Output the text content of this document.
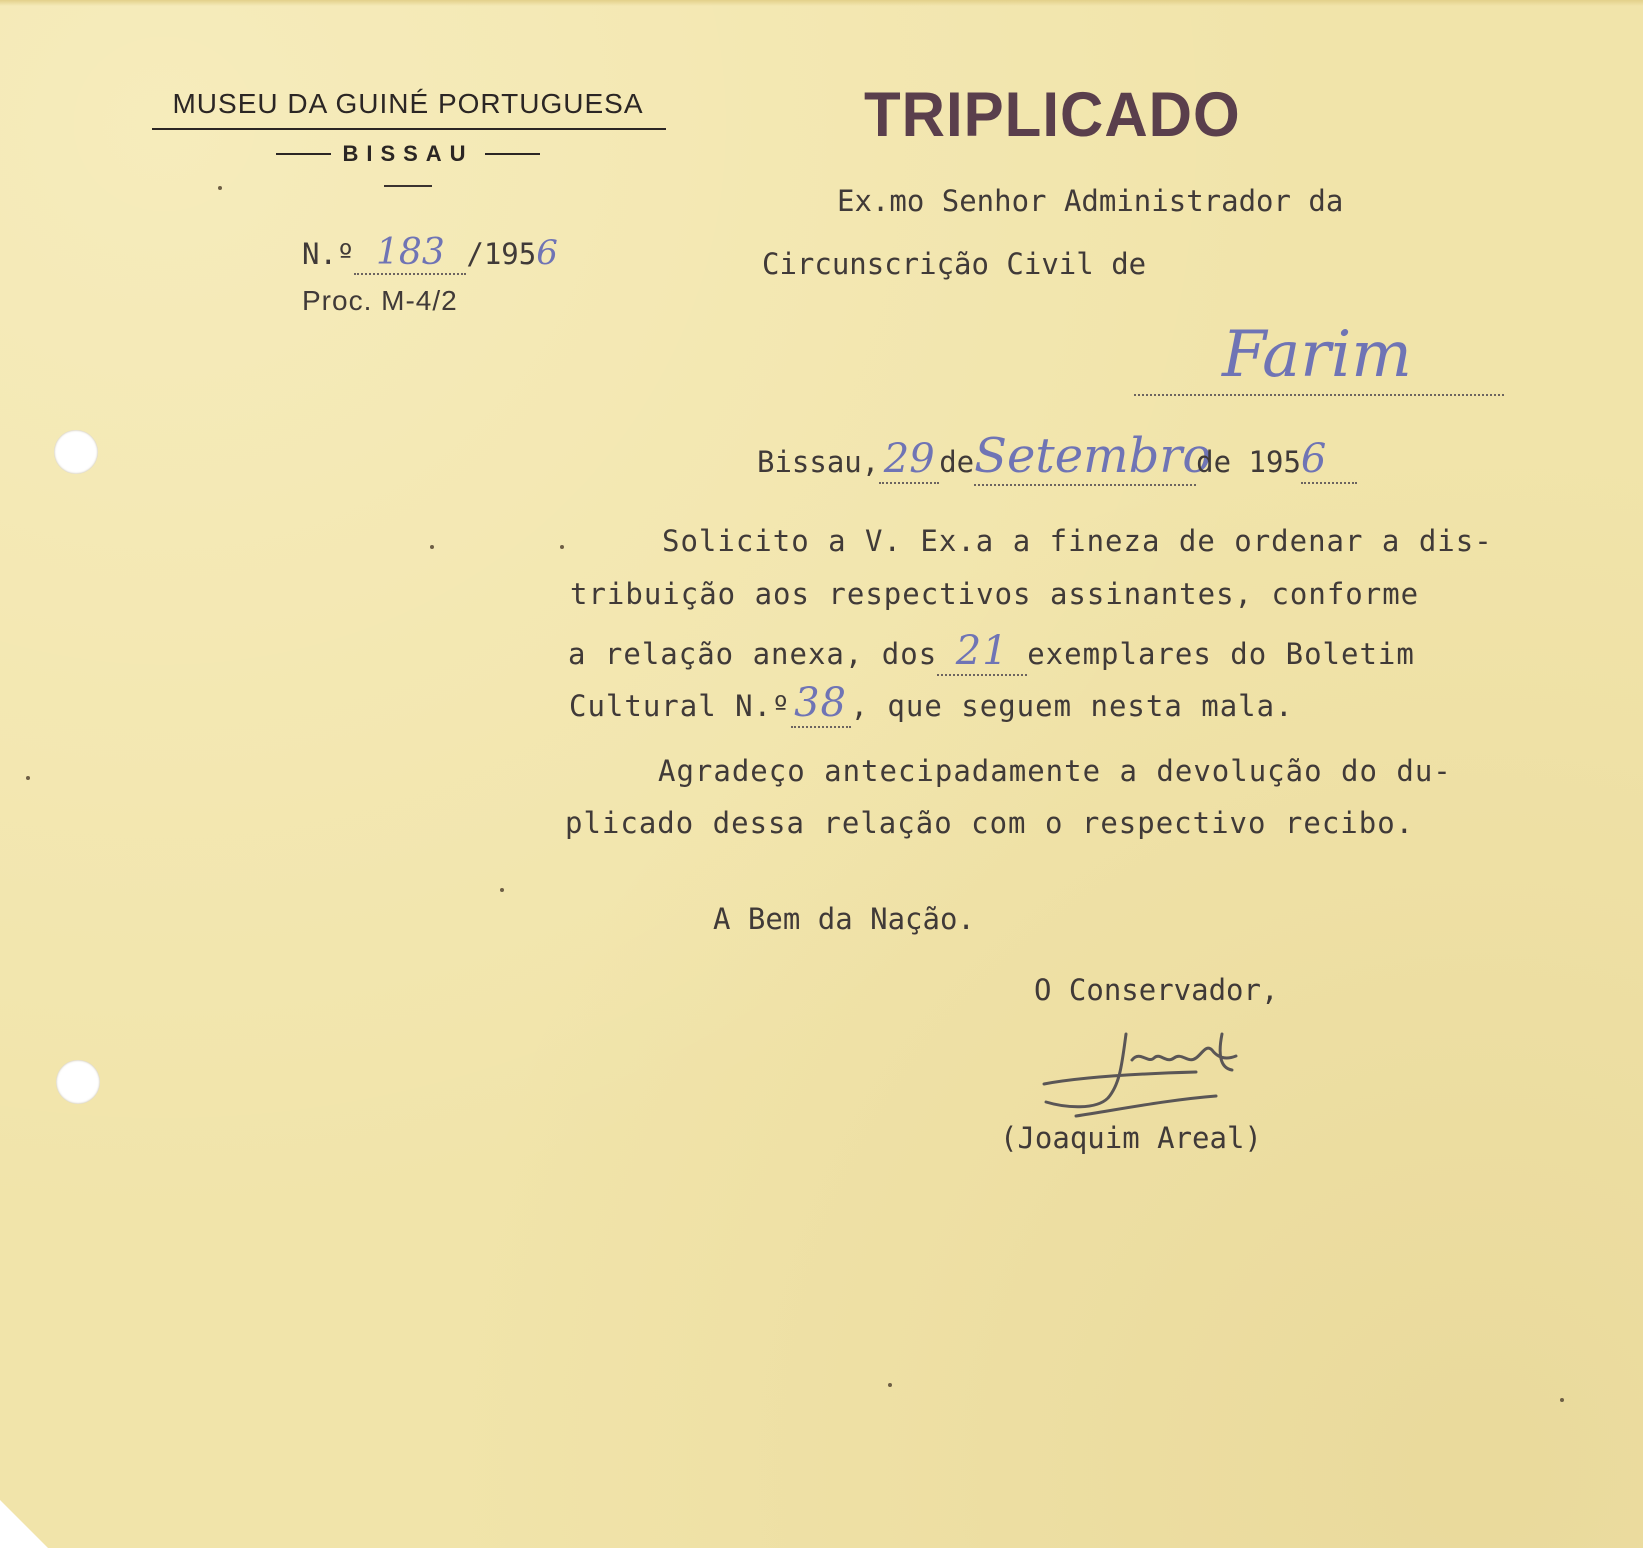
MUSEU DA GUINÉ PORTUGUESA
BISSAU
TRIPLICADO
N.º 183 /1956
Proc. M-4/2
Ex.mo Senhor Administrador da
Circunscrição Civil de
Farim
Bissau, 29 deSetembrode 1956
Solicito a V. Ex.a a fineza de ordenar a dis-
tribuição aos respectivos assinantes, conforme
a relação anexa, dos 21 exemplares do Boletim
Cultural N.º38 , que seguem nesta mala.
Agradeço antecipadamente a devolução do du-
plicado dessa relação com o respectivo recibo.
A Bem da Nação.
O Conservador,
(Joaquim Areal)
